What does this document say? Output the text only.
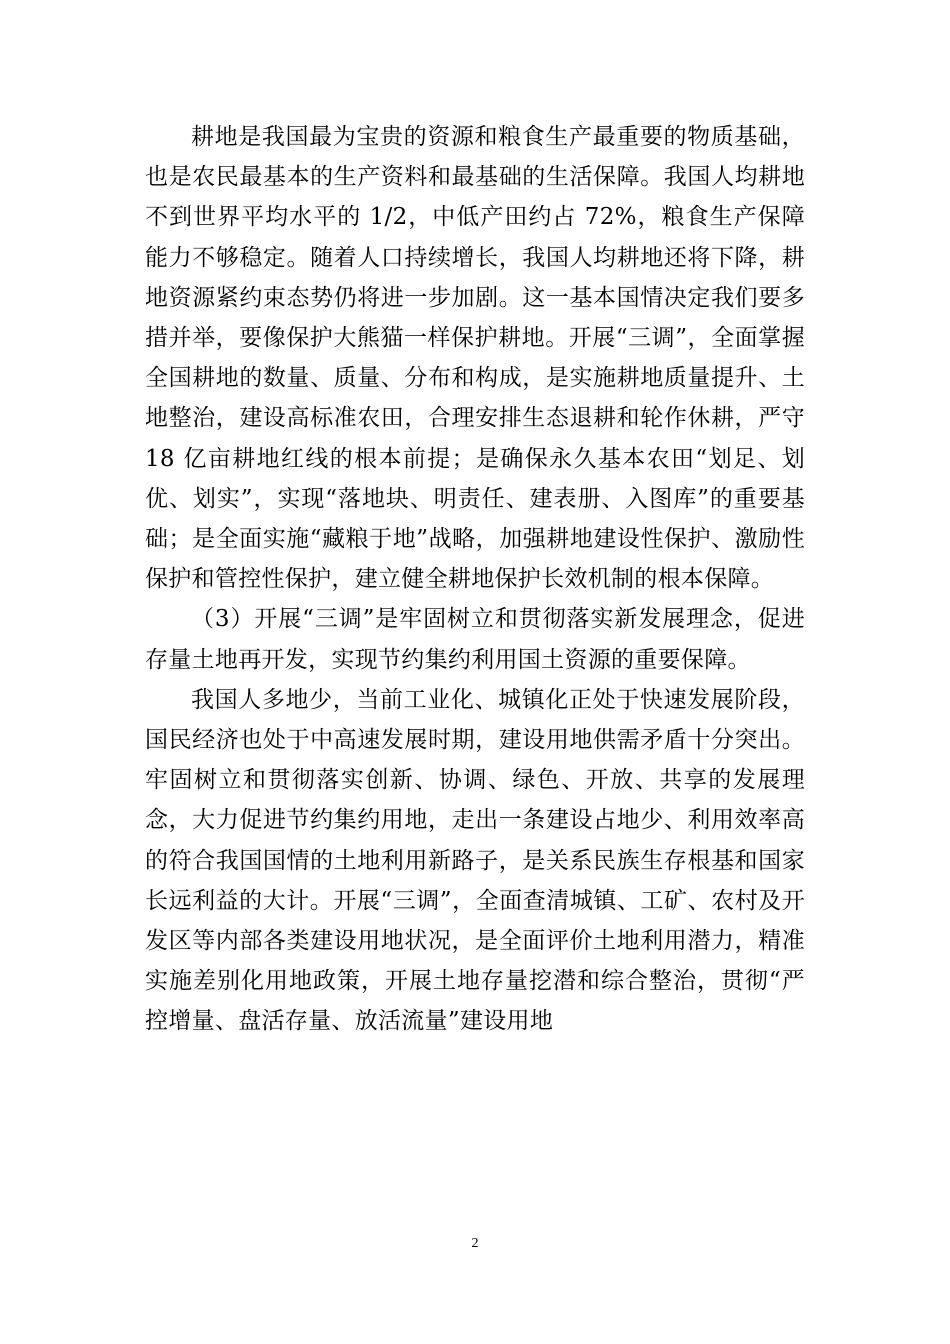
耕地是我国最为宝贵的资源和粮食生产最重要的物质基础，也是农民最基本的生产资料和最基础的生活保障。我国人均耕地不到世界平均水平的 1/2，中低产田约占 72%，粮食生产保障能力不够稳定。随着人口持续增长，我国人均耕地还将下降，耕地资源紧约束态势仍将进一步加剧。这一基本国情决定我们要多措并举，要像保护大熊猫一样保护耕地。开展“三调”，全面掌握全国耕地的数量、质量、分布和构成，是实施耕地质量提升、土地整治，建设高标准农田，合理安排生态退耕和轮作休耕，严守 18 亿亩耕地红线的根本前提；是确保永久基本农田“划足、划优、划实”，实现“落地块、明责任、建表册、入图库”的重要基础；是全面实施“藏粮于地”战略，加强耕地建设性保护、激励性保护和管控性保护，建立健全耕地保护长效机制的根本保障。

（3）开展“三调”是牢固树立和贯彻落实新发展理念，促进存量土地再开发，实现节约集约利用国土资源的重要保障。

我国人多地少，当前工业化、城镇化正处于快速发展阶段，国民经济也处于中高速发展时期，建设用地供需矛盾十分突出。牢固树立和贯彻落实创新、协调、绿色、开放、共享的发展理念，大力促进节约集约用地，走出一条建设占地少、利用效率高的符合我国国情的土地利用新路子，是关系民族生存根基和国家长远利益的大计。开展“三调”，全面查清城镇、工矿、农村及开发区等内部各类建设用地状况，是全面评价土地利用潜力，精准实施差别化用地政策，开展土地存量挖潜和综合整治，贯彻“严控增量、盘活存量、放活流量”建设用地

2
